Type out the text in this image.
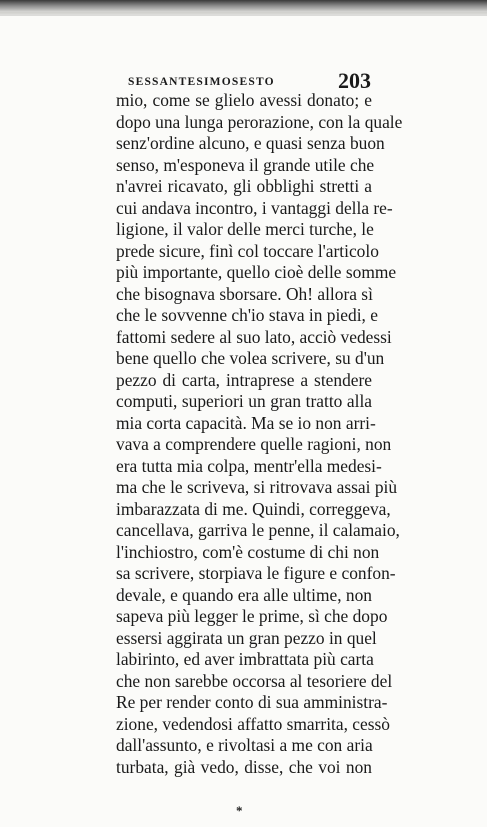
SESSANTESIMOSESTO	203
mio, come se glielo avessi donato; e
dopo una lunga perorazione, con la quale
senz'ordine alcuno, e quasi senza buon
senso, m'esponeva il grande utile che
n'avrei ricavato, gli obblighi stretti a
cui andava incontro, i vantaggi della re-
ligione, il valor delle merci turche, le
prede sicure, finì col toccare l'articolo
più importante, quello cioè delle somme
che bisognava sborsare. Oh! allora sì
che le sovvenne ch'io stava in piedi, e
fattomi sedere al suo lato, acciò vedessi
bene quello che volea scrivere, su d'un
pezzo di carta, intraprese a stendere
computi, superiori un gran tratto alla
mia corta capacità. Ma se io non arri-
vava a comprendere quelle ragioni, non
era tutta mia colpa, mentr'ella medesi-
ma che le scriveva, si ritrovava assai più
imbarazzata di me. Quindi, correggeva,
cancellava, garriva le penne, il calamaio,
l'inchiostro, com'è costume di chi non
sa scrivere, storpiava le figure e confon-
devale, e quando era alle ultime, non
sapeva più legger le prime, sì che dopo
essersi aggirata un gran pezzo in quel
labirinto, ed aver imbrattata più carta
che non sarebbe occorsa al tesoriere del
Re per render conto di sua amministra-
zione, vedendosi affatto smarrita, cessò
dall'assunto, e rivoltasi a me con aria
turbata, già vedo, disse, che voi non
*
